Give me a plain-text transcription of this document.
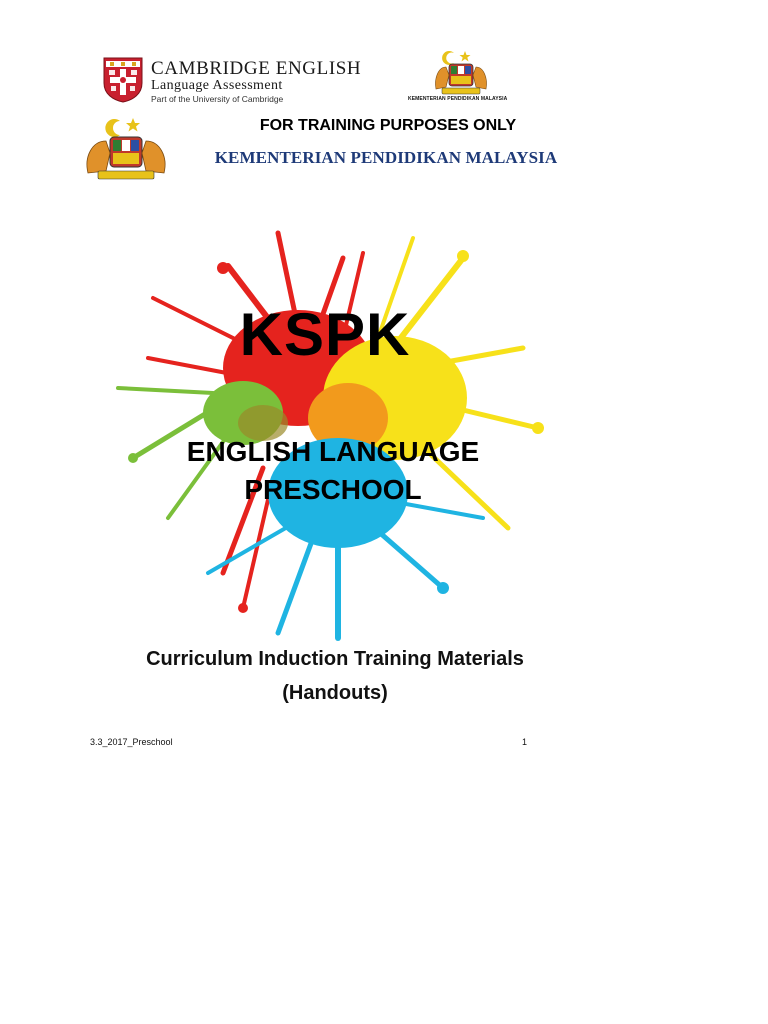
CAMBRIDGE ENGLISH
Language Assessment
Part of the University of Cambridge	KEMENTERIAN PENDIDIKAN MALAYSIA
FOR TRAINING PURPOSES ONLY
KEMENTERIAN PENDIDIKAN MALAYSIA
KSPK
ENGLISH LANGUAGE
PRESCHOOL
Curriculum Induction Training Materials
(Handouts)
3.3_2017_Preschool	1
